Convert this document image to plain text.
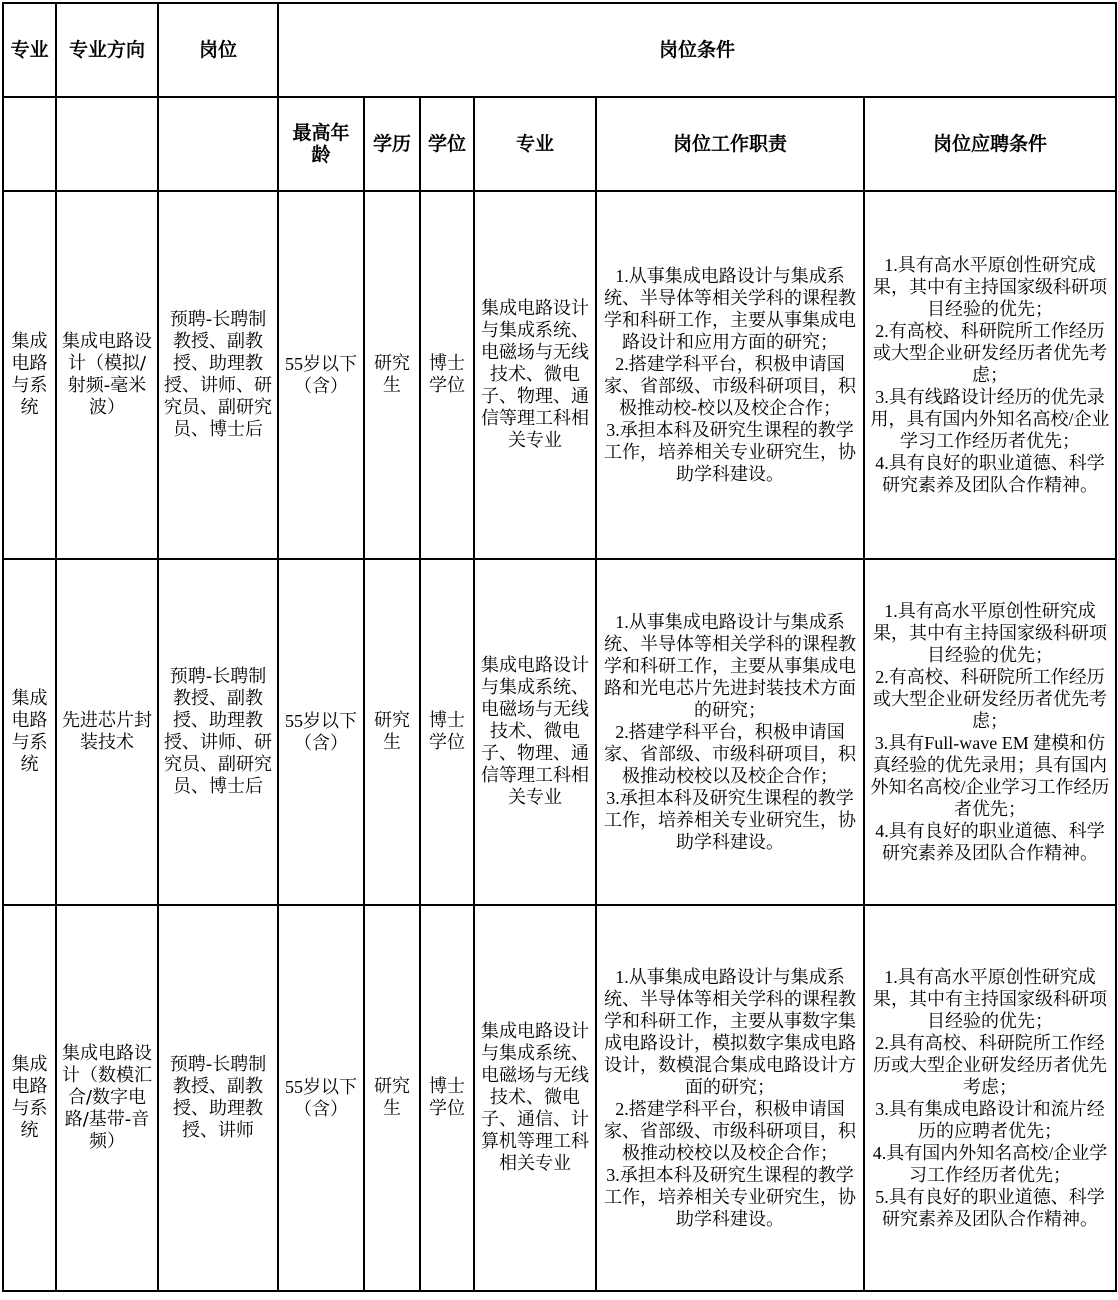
专业	专业方向	岗位	岗位条件					
			最高年龄	学历	学位	专业	岗位工作职责	岗位应聘条件
集成电路与系统	集成电路设计（模拟/射频-毫米波）	预聘-长聘制教授、副教授、助理教授、讲师、研究员、副研究员、博士后	55岁以下（含）	研究生	博士学位	集成电路设计与集成系统、电磁场与无线技术、微电子、物理、通信等理工科相关专业	1.从事集成电路设计与集成系统、半导体等相关学科的课程教学和科研工作，主要从事集成电路设计和应用方面的研究；
2.搭建学科平台，积极申请国家、省部级、市级科研项目，积极推动校-校以及校企合作；
3.承担本科及研究生课程的教学工作，培养相关专业研究生，协助学科建设。	1.具有高水平原创性研究成果，其中有主持国家级科研项目经验的优先；
2.有高校、科研院所工作经历或大型企业研发经历者优先考虑；
3.具有线路设计经历的优先录用，具有国内外知名高校/企业学习工作经历者优先；
4.具有良好的职业道德、科学研究素养及团队合作精神。

集成电路与系统	先进芯片封装技术	预聘-长聘制教授、副教授、助理教授、讲师、研究员、副研究员、博士后	55岁以下（含）	研究生	博士学位	集成电路设计与集成系统、电磁场与无线技术、微电子、物理、通信等理工科相关专业	1.从事集成电路设计与集成系统、半导体等相关学科的课程教学和科研工作，主要从事集成电路和光电芯片先进封装技术方面的研究；
2.搭建学科平台，积极申请国家、省部级、市级科研项目，积极推动校校以及校企合作；
3.承担本科及研究生课程的教学工作，培养相关专业研究生，协助学科建设。	1.具有高水平原创性研究成果，其中有主持国家级科研项目经验的优先；
2.有高校、科研院所工作经历或大型企业研发经历者优先考虑；
3.具有Full-wave EM 建模和仿真经验的优先录用；具有国内外知名高校/企业学习工作经历者优先；
4.具有良好的职业道德、科学研究素养及团队合作精神。

集成电路与系统	集成电路设计（数模汇合/数字电路/基带-音频）	预聘-长聘制教授、副教授、助理教授、讲师	55岁以下（含）	研究生	博士学位	集成电路设计与集成系统、电磁场与无线技术、微电子、通信、计算机等理工科相关专业	1.从事集成电路设计与集成系统、半导体等相关学科的课程教学和科研工作，主要从事数字集成电路设计，模拟数字集成电路设计，数模混合集成电路设计方面的研究；
2.搭建学科平台，积极申请国家、省部级、市级科研项目，积极推动校校以及校企合作；
3.承担本科及研究生课程的教学工作，培养相关专业研究生，协助学科建设。	1.具有高水平原创性研究成果，其中有主持国家级科研项目经验的优先；
2.具有高校、科研院所工作经历或大型企业研发经历者优先考虑；
3.具有集成电路设计和流片经历的应聘者优先；
4.具有国内外知名高校/企业学习工作经历者优先；
5.具有良好的职业道德、科学研究素养及团队合作精神。
